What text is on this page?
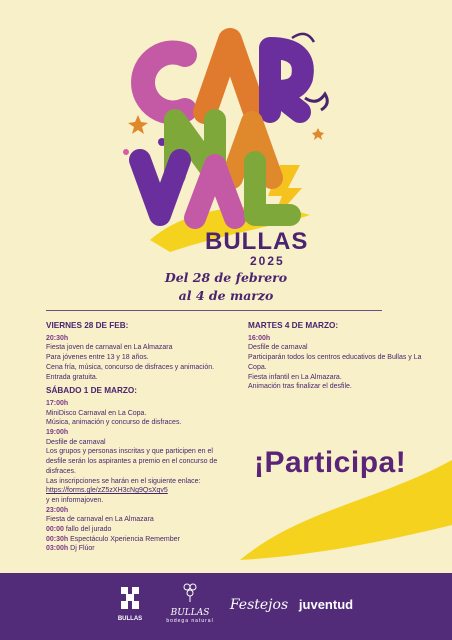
BULLAS
2025
Del 28 de febrero
al 4 de marzo
VIERNES 28 DE FEB:
20:30h
Fiesta joven de carnaval en La Almazara
Para jóvenes entre 13 y 18 años.
Cena fría, música, concurso de disfraces y animación.
Entrada gratuita.
SÁBADO 1 DE MARZO:
17:00h
MiniDisco Carnaval en La Copa.
Música, animación y concurso de disfraces.
19:00h
Desfile de carnaval
Los grupos y personas inscritas y que participen en el
desfile serán los aspirantes a premio en el concurso de
disfraces.
Las inscripciones se harán en el siguiente enlace:
https://forms.gle/zZ5zXH3cNg9QsXqv5
y en informajoven.
23:00h
Fiesta de carnaval en La Almazara
00:00 fallo del jurado
00:30h Espectáculo Xperiencia Remember
03:00h Dj Flúor
MARTES 4 DE MARZO:
16:00h
Desfile de carnaval
Participarán todos los centros educativos de Bullas y La
Copa.
Fiesta infantil en La Almazara.
Animación tras finalizar el desfile.
¡Participa!
BULLAS
BULLAS
bodega natural
Festejos juventud
